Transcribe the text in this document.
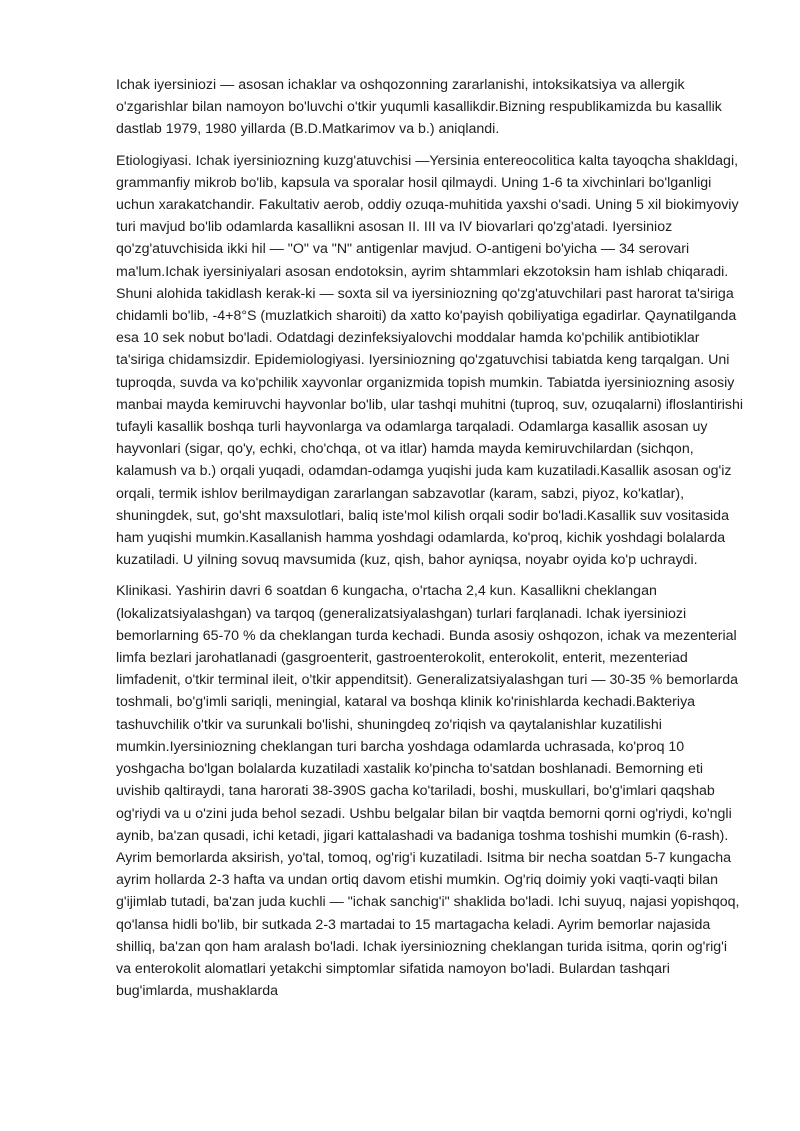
Ichak iyersiniozi — asosan ichaklar va oshqozonning zararlanishi, intoksikatsiya va allergik o'zgarishlar bilan namoyon bo'luvchi o'tkir yuqumli kasallikdir.Bizning respublikamizda bu kasallik dastlab 1979, 1980 yillarda (B.D.Matkarimov va b.) aniqlandi.

Etiologiyasi. Ichak iyersiniozning kuzg'atuvchisi —Yersinia entereocolitica kalta tayoqcha shakldagi, grammanfiy mikrob bo'lib, kapsula va sporalar hosil qilmaydi. Uning 1-6 ta xivchinlari bo'lganligi uchun xarakatchandir. Fakultativ aerob, oddiy ozuqa-muhitida yaxshi o'sadi. Uning 5 xil biokimyoviy turi mavjud bo'lib odamlarda kasallikni asosan II. III va IV biovarlari qo'zg'atadi. Iyersinioz qo'zg'atuvchisida ikki hil — "O" va "N" antigenlar mavjud. O-antigeni bo'yicha — 34 serovari ma'lum.Ichak iyersiniyalari asosan endotoksin, ayrim shtammlari ekzotoksin ham ishlab chiqaradi. Shuni alohida takidlash kerak-ki — soxta sil va iyersiniozning qo'zg'atuvchilari past harorat ta'siriga chidamli bo'lib, -4+8°S (muzlatkich sharoiti) da xatto ko'payish qobiliyatiga egadirlar. Qaynatilganda esa 10 sek nobut bo'ladi. Odatdagi dezinfeksiyalovchi moddalar hamda ko'pchilik antibiotiklar ta'siriga chidamsizdir. Epidemiologiyasi. Iyersiniozning qo'zgatuvchisi tabiatda keng tarqalgan. Uni tuproqda, suvda va ko'pchilik xayvonlar organizmida topish mumkin. Tabiatda iyersiniozning asosiy manbai mayda kemiruvchi hayvonlar bo'lib, ular tashqi muhitni (tuproq, suv, ozuqalarni) ifloslantirishi tufayli kasallik boshqa turli hayvonlarga va odamlarga tarqaladi. Odamlarga kasallik asosan uy hayvonlari (sigar, qo'y, echki, cho'chqa, ot va itlar) hamda mayda kemiruvchilardan (sichqon, kalamush va b.) orqali yuqadi, odamdan-odamga yuqishi juda kam kuzatiladi.Kasallik asosan og'iz orqali, termik ishlov berilmaydigan zararlangan sabzavotlar (karam, sabzi, piyoz, ko'katlar), shuningdek, sut, go'sht maxsulotlari, baliq iste'mol kilish orqali sodir bo'ladi.Kasallik suv vositasida ham yuqishi mumkin.Kasallanish hamma yoshdagi odamlarda, ko'proq, kichik yoshdagi bolalarda kuzatiladi. U yilning sovuq mavsumida (kuz, qish, bahor ayniqsa, noyabr oyida ko'p uchraydi.

Klinikasi. Yashirin davri 6 soatdan 6 kungacha, o'rtacha 2,4 kun. Kasallikni cheklangan (lokalizatsiyalashgan) va tarqoq (generalizatsiyalashgan) turlari farqlanadi. Ichak iyersiniozi bemorlarning 65-70 % da cheklangan turda kechadi. Bunda asosiy oshqozon, ichak va mezenterial limfa bezlari jarohatlanadi (gasgroenterit, gastroenterokolit, enterokolit, enterit, mezenteriad limfadenit, o'tkir terminal ileit, o'tkir appenditsit). Generalizatsiyalashgan turi — 30-35 % bemorlarda toshmali, bo'g'imli sariqli, meningial, kataral va boshqa klinik ko'rinishlarda kechadi.Bakteriya tashuvchilik o'tkir va surunkali bo'lishi, shuningdeq zo'riqish va qaytalanishlar kuzatilishi mumkin.Iyersiniozning cheklangan turi barcha yoshdaga odamlarda uchrasada, ko'proq 10 yoshgacha bo'lgan bolalarda kuzatiladi xastalik ko'pincha to'satdan boshlanadi. Bemorning eti uvishib qaltiraydi, tana harorati 38-390S gacha ko'tariladi, boshi, muskullari, bo'g'imlari qaqshab og'riydi va u o'zini juda behol sezadi. Ushbu belgalar bilan bir vaqtda bemorni qorni og'riydi, ko'ngli aynib, ba'zan qusadi, ichi ketadi, jigari kattalashadi va badaniga toshma toshishi mumkin (6-rash). Ayrim bemorlarda aksirish, yo'tal, tomoq, og'rig'i kuzatiladi. Isitma bir necha soatdan 5-7 kungacha ayrim hollarda 2-3 hafta va undan ortiq davom etishi mumkin. Og'riq doimiy yoki vaqti-vaqti bilan g'ijimlab tutadi, ba'zan juda kuchli — "ichak sanchig'i" shaklida bo'ladi. Ichi suyuq, najasi yopishqoq, qo'lansa hidli bo'lib, bir sutkada 2-3 martadai to 15 martagacha keladi. Ayrim bemorlar najasida shilliq, ba'zan qon ham aralash bo'ladi. Ichak iyersiniozning cheklangan turida isitma, qorin og'rig'i va enterokolit alomatlari yetakchi simptomlar sifatida namoyon bo'ladi. Bulardan tashqari bug'imlarda, mushaklarda
